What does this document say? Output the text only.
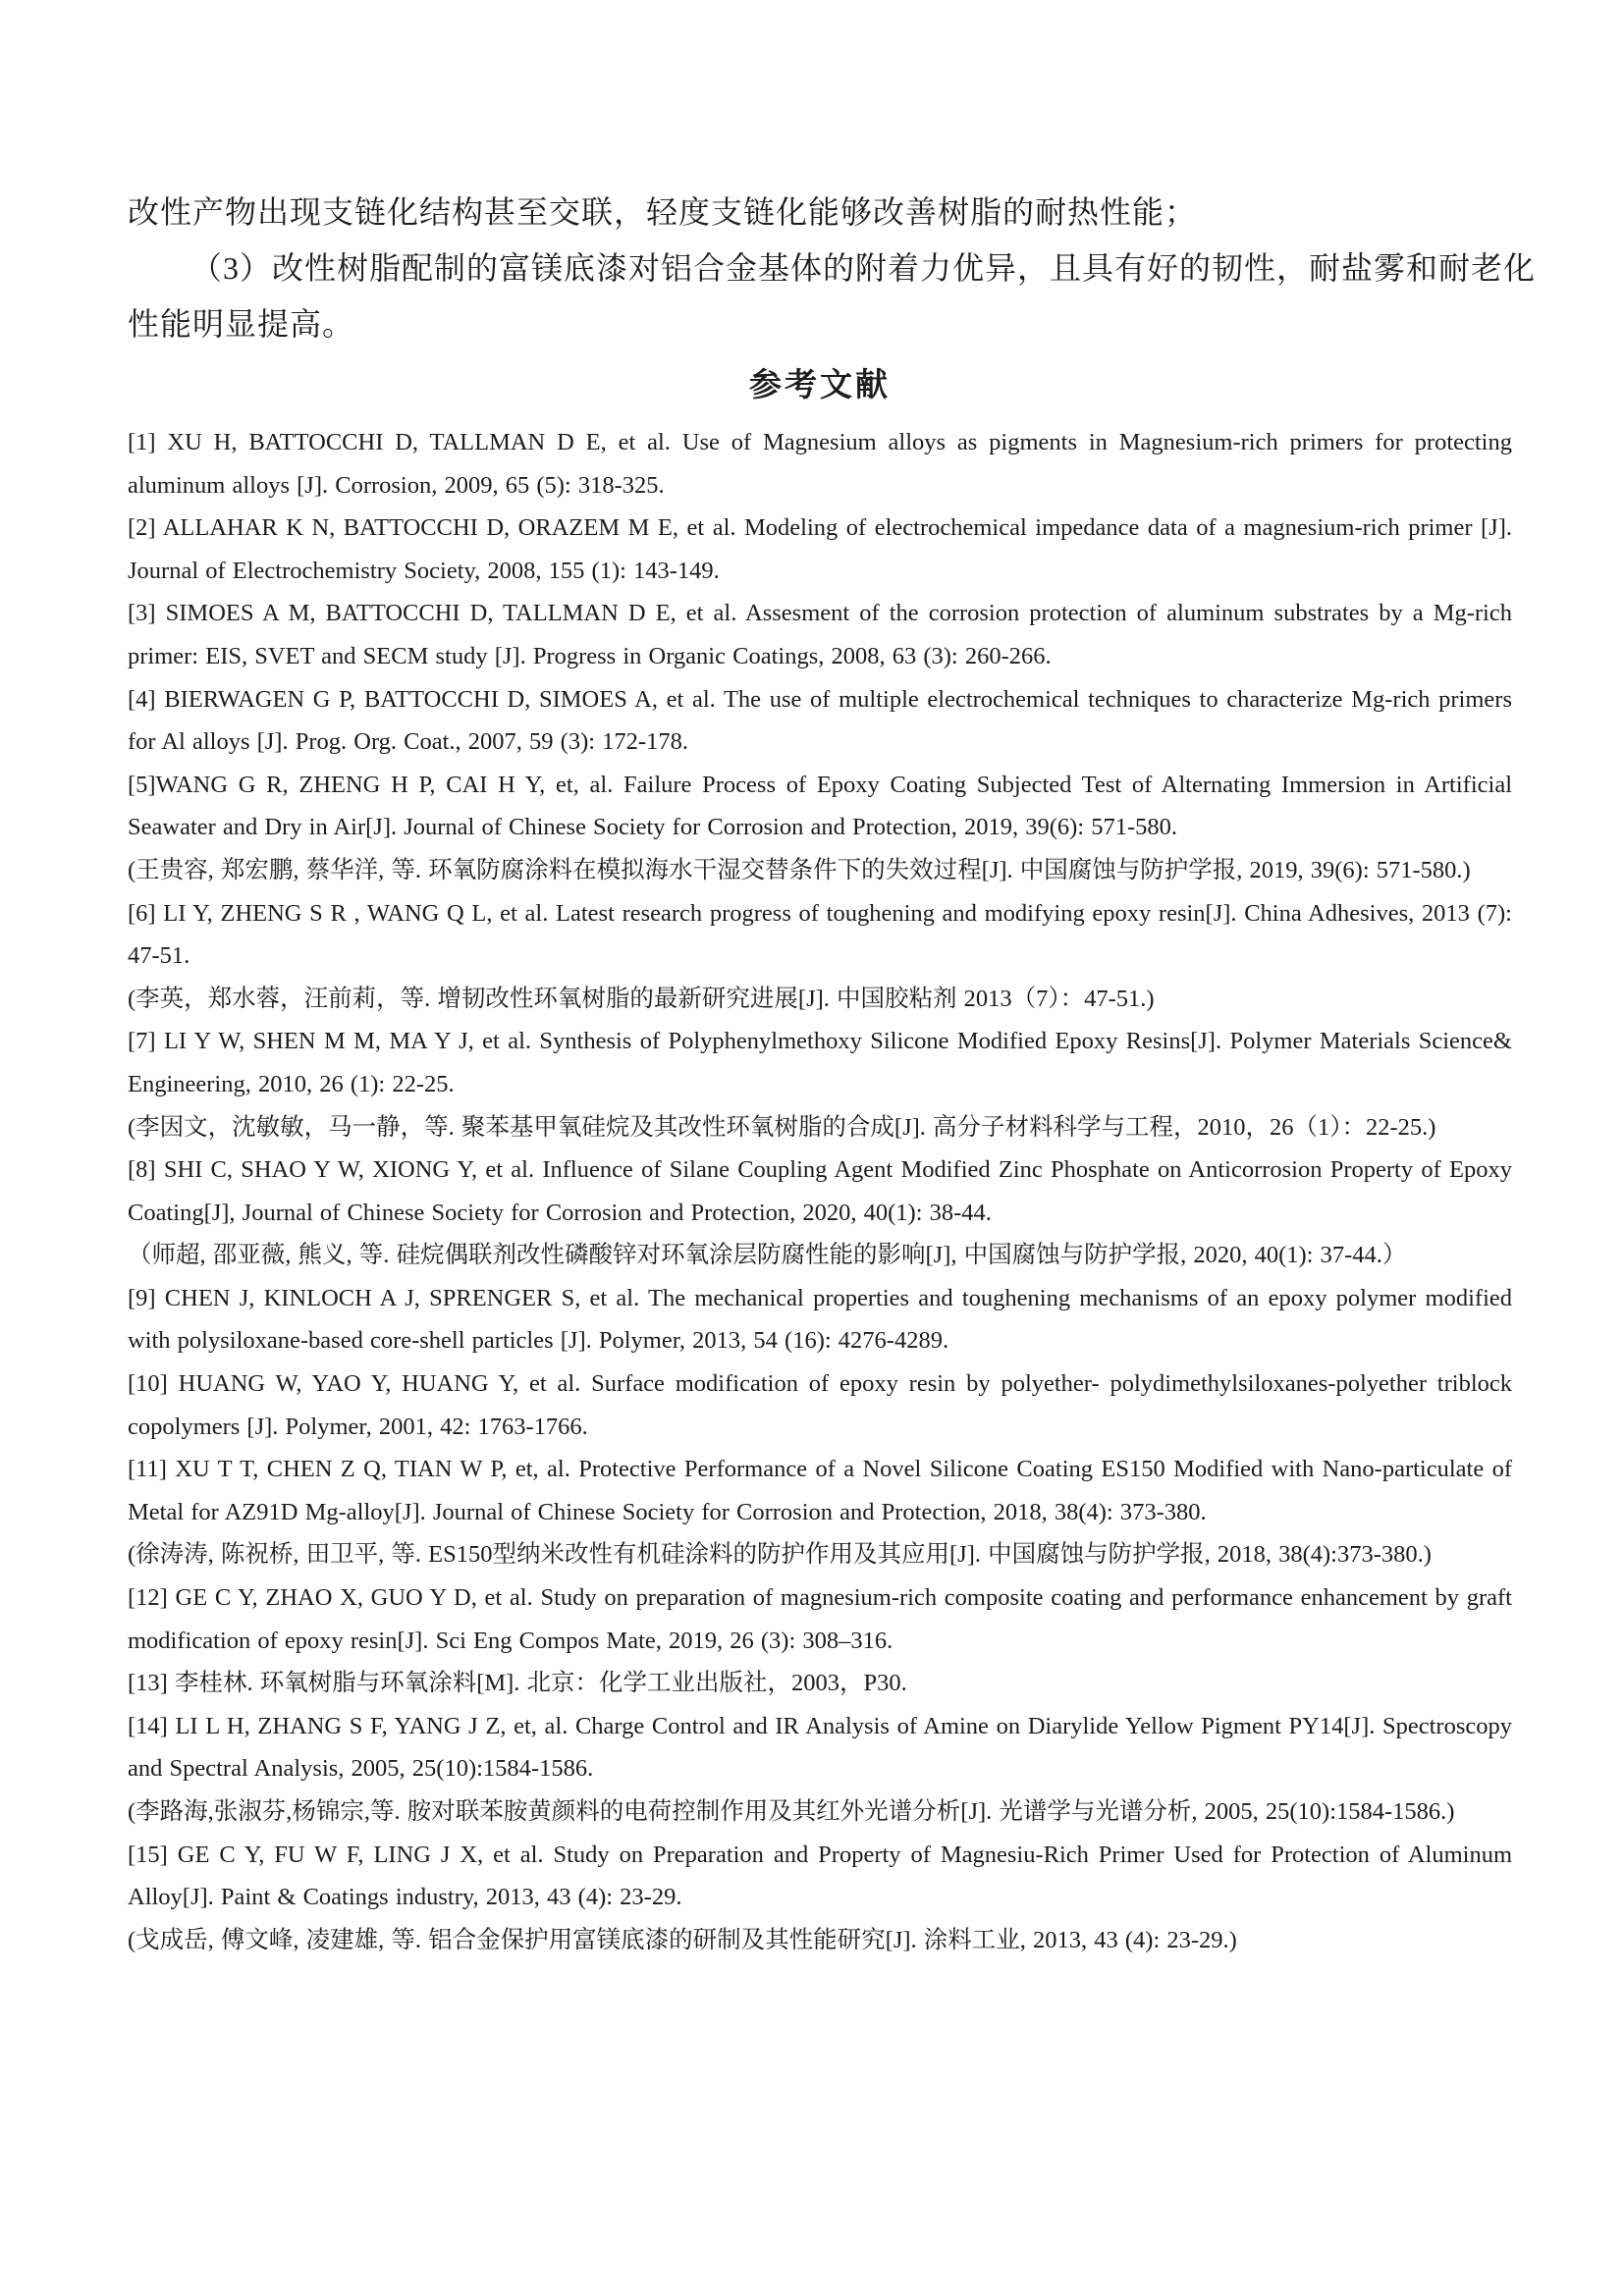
改性产物出现支链化结构甚至交联，轻度支链化能够改善树脂的耐热性能；
（3）改性树脂配制的富镁底漆对铝合金基体的附着力优异，且具有好的韧性，耐盐雾和耐老化
性能明显提高。
参考文献

[1] XU H, BATTOCCHI D, TALLMAN D E, et al. Use of Magnesium alloys as pigments in Magnesium-rich primers for protecting aluminum alloys [J]. Corrosion, 2009, 65 (5): 318-325.

[2] ALLAHAR K N, BATTOCCHI D, ORAZEM M E, et al. Modeling of electrochemical impedance data of a magnesium-rich primer [J]. Journal of Electrochemistry Society, 2008, 155 (1): 143-149.

[3] SIMOES A M, BATTOCCHI D, TALLMAN D E, et al. Assesment of the corrosion protection of aluminum substrates by a Mg-rich primer: EIS, SVET and SECM study [J]. Progress in Organic Coatings, 2008, 63 (3): 260-266.

[4] BIERWAGEN G P, BATTOCCHI D, SIMOES A, et al. The use of multiple electrochemical techniques to characterize Mg-rich primers for Al alloys [J]. Prog. Org. Coat., 2007, 59 (3): 172-178.

[5]WANG G R, ZHENG H P, CAI H Y, et, al. Failure Process of Epoxy Coating Subjected Test of Alternating Immersion in Artificial Seawater and Dry in Air[J]. Journal of Chinese Society for Corrosion and Protection, 2019, 39(6): 571-580.

(王贵容, 郑宏鹏, 蔡华洋, 等. 环氧防腐涂料在模拟海水干湿交替条件下的失效过程[J]. 中国腐蚀与防护学报, 2019, 39(6): 571-580.)

[6] LI Y, ZHENG S R , WANG Q L, et al. Latest research progress of toughening and modifying epoxy resin[J]. China Adhesives, 2013 (7): 47-51.

(李英，郑水蓉，汪前莉，等. 增韧改性环氧树脂的最新研究进展[J]. 中国胶粘剂 2013（7）：47-51.)

[7] LI Y W, SHEN M M, MA Y J, et al. Synthesis of Polyphenylmethoxy Silicone Modified Epoxy Resins[J]. Polymer Materials Science& Engineering, 2010, 26 (1): 22-25.

(李因文，沈敏敏，马一静，等. 聚苯基甲氧硅烷及其改性环氧树脂的合成[J]. 高分子材料科学与工程，2010，26（1）：22-25.)

[8] SHI C, SHAO Y W, XIONG Y, et al. Influence of Silane Coupling Agent Modified Zinc Phosphate on Anticorrosion Property of Epoxy Coating[J], Journal of Chinese Society for Corrosion and Protection, 2020, 40(1): 38-44.

（师超, 邵亚薇, 熊义, 等. 硅烷偶联剂改性磷酸锌对环氧涂层防腐性能的影响[J], 中国腐蚀与防护学报, 2020, 40(1): 37-44.）

[9] CHEN J, KINLOCH A J, SPRENGER S, et al. The mechanical properties and toughening mechanisms of an epoxy polymer modified with polysiloxane-based core-shell particles [J]. Polymer, 2013, 54 (16): 4276-4289.

[10] HUANG W, YAO Y, HUANG Y, et al. Surface modification of epoxy resin by polyether- polydimethylsiloxanes-polyether triblock copolymers [J]. Polymer, 2001, 42: 1763-1766.

[11] XU T T, CHEN Z Q, TIAN W P, et, al. Protective Performance of a Novel Silicone Coating ES150 Modified with Nano-particulate of Metal for AZ91D Mg-alloy[J]. Journal of Chinese Society for Corrosion and Protection, 2018, 38(4): 373-380.

(徐涛涛, 陈祝桥, 田卫平, 等. ES150型纳米改性有机硅涂料的防护作用及其应用[J]. 中国腐蚀与防护学报, 2018, 38(4):373-380.)

[12] GE C Y, ZHAO X, GUO Y D, et al. Study on preparation of magnesium-rich composite coating and performance enhancement by graft modification of epoxy resin[J]. Sci Eng Compos Mate, 2019, 26 (3): 308–316.

[13] 李桂林. 环氧树脂与环氧涂料[M]. 北京：化学工业出版社，2003，P30.

[14] LI L H, ZHANG S F, YANG J Z, et, al. Charge Control and IR Analysis of Amine on Diarylide Yellow Pigment PY14[J]. Spectroscopy and Spectral Analysis, 2005, 25(10):1584-1586.

(李路海,张淑芬,杨锦宗,等. 胺对联苯胺黄颜料的电荷控制作用及其红外光谱分析[J]. 光谱学与光谱分析, 2005, 25(10):1584-1586.)

[15] GE C Y, FU W F, LING J X, et al. Study on Preparation and Property of Magnesiu-Rich Primer Used for Protection of Aluminum Alloy[J]. Paint & Coatings industry, 2013, 43 (4): 23-29.

(戈成岳, 傅文峰, 凌建雄, 等. 铝合金保护用富镁底漆的研制及其性能研究[J]. 涂料工业, 2013, 43 (4): 23-29.)
